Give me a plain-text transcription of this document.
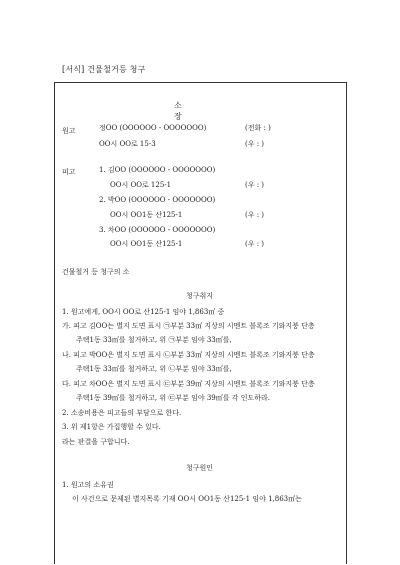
[서식] 건물철거등 청구
소 장
원고	정OO (OOOOOO - OOOOOOO)	(전화 : )
OO시 OO로 15-3	(우 : )
피고	1. 김OO (OOOOOO - OOOOOOO)
OO시 OO로 125-1	(우 : )
2. 박OO (OOOOOO - OOOOOOO)
OO시 OO1동 산125-1	(우 : )
3. 차OO (OOOOOO - OOOOOOO)
OO시 OO1동 산125-1	(우 : )
건물철거 등 청구의 소
청구취지
1. 원고에게, OO시 OO로 산125-1 임야 1,863㎡ 중
가. 피고 김OO는 별지 도면 표시 ㉠부분 33㎡ 지상의 시멘트 블록조 기와지붕 단층
주택1동 33㎡를 철거하고, 위 ㉠부분 임야 33㎡를,
나. 피고 박OO은 별지 도면 표시 ㉡부분 33㎡ 지상의 시멘트 블록조 기와지붕 단층
주택1동 33㎡를 철거하고, 위 ㉡부분 임야 33㎡를,
다. 피고 차OO은 별지 도면 표시 ㉢부분 39㎡ 지상의 시멘트 블록조 기와지붕 단층
주택1동 39㎡를 철거하고, 위 ㉢부분 임야 39㎡를 각 인도하라.
2. 소송비용은 피고들의 부담으로 한다.
3. 위 제1항은 가집행할 수 있다.
라는 판결을 구합니다.
청구원인
1. 원고의 소유권
이 사건으로 문제된 별지목록 기재 OO시 OO1동 산125-1 임야 1,863㎡는
